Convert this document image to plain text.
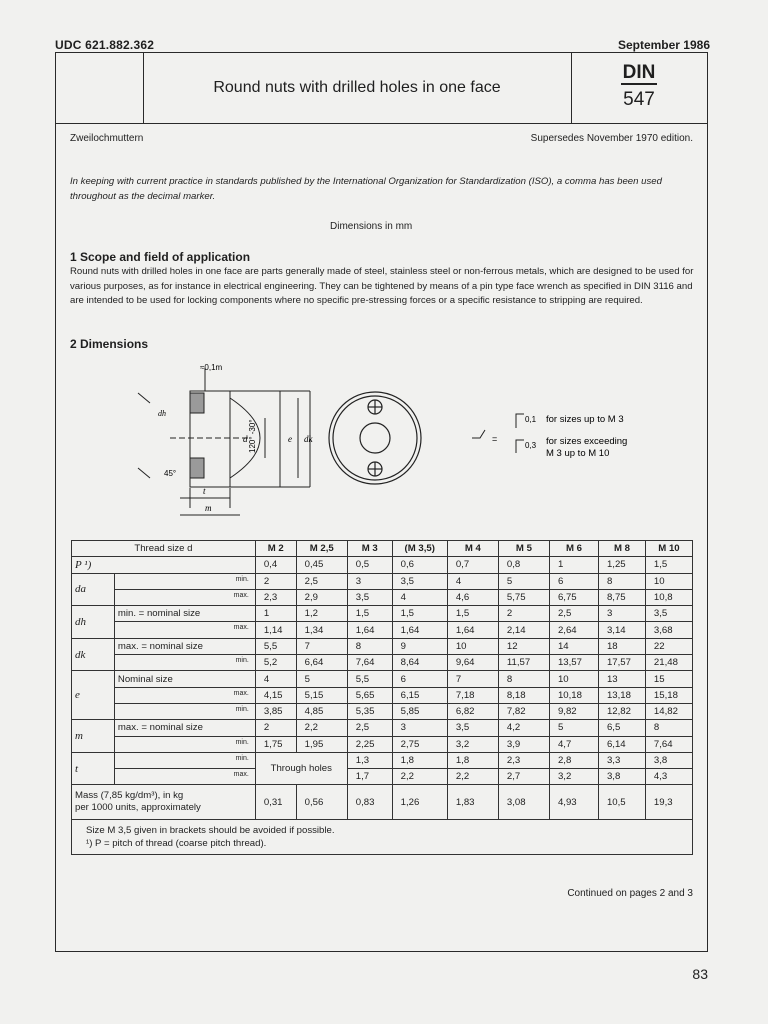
UDC 621.882.362	September 1986
Round nuts with drilled holes in one face
DIN
547
Zweilochmuttern	Supersedes November 1970 edition.
In keeping with current practice in standards published by the International Organization for Standardization (ISO), a comma has been used throughout as the decimal marker.
Dimensions in mm
1 Scope and field of application
Round nuts with drilled holes in one face are parts generally made of steel, stainless steel or non-ferrous metals, which are designed to be used for various purposes, as for instance in electrical engineering. They can be tightened by means of a pin type face wrench as specified in DIN 3116 and are intended to be used for locking components where no specific pre-stressing forces or a specific resistance to stripping are required.
2 Dimensions
≈0,1m
d 120° -30°	e dk
dh
45°
t
m
=
0,1 for sizes up to M 3
0,3 for sizes exceeding
M 3 up to M 10
Thread size d		M 2	M 2,5	M 3	(M 3,5)	M 4	M 5	M 6	M 8	M 10
P ¹)		0,4	0,45	0,5	0,6	0,7	0,8	1	1,25	1,5
da	min.	2	2,5	3	3,5	4	5	6	8	10

	max.	2,3	2,9	3,5	4	4,6	5,75	6,75	8,75	10,8
dh	min. = nominal size	1	1,2	1,5	1,5	1,5	2	2,5	3	3,5

	max.	1,14	1,34	1,64	1,64	1,64	2,14	2,64	3,14	3,68
dk	max. = nominal size	5,5	7	8	9	10	12	14	18	22

	min.	5,2	6,64	7,64	8,64	9,64	11,57	13,57	17,57	21,48
e	Nominal size	4	5	5,5	6	7	8	10	13	15

	max.	4,15	5,15	5,65	6,15	7,18	8,18	10,18	13,18	15,18

	min.	3,85	4,85	5,35	5,85	6,82	7,82	9,82	12,82	14,82
m	max. = nominal size	2	2,2	2,5	3	3,5	4,2	5	6,5	8

	min.	1,75	1,95	2,25	2,75	3,2	3,9	4,7	6,14	7,64
t	min.	Through holes		1,3	1,8	1,8	2,3	2,8	3,3	3,8

	max.			1,7	2,2	2,2	2,7	3,2	3,8	4,3

Mass (7,85 kg/dm³), in kg
per 1000 units, approximately		0,31	0,56	0,83	1,26	1,83	3,08	4,93	10,5	19,3

Size M 3,5 given in brackets should be avoided if possible.
¹) P = pitch of thread (coarse pitch thread).										
Continued on pages 2 and 3
83
